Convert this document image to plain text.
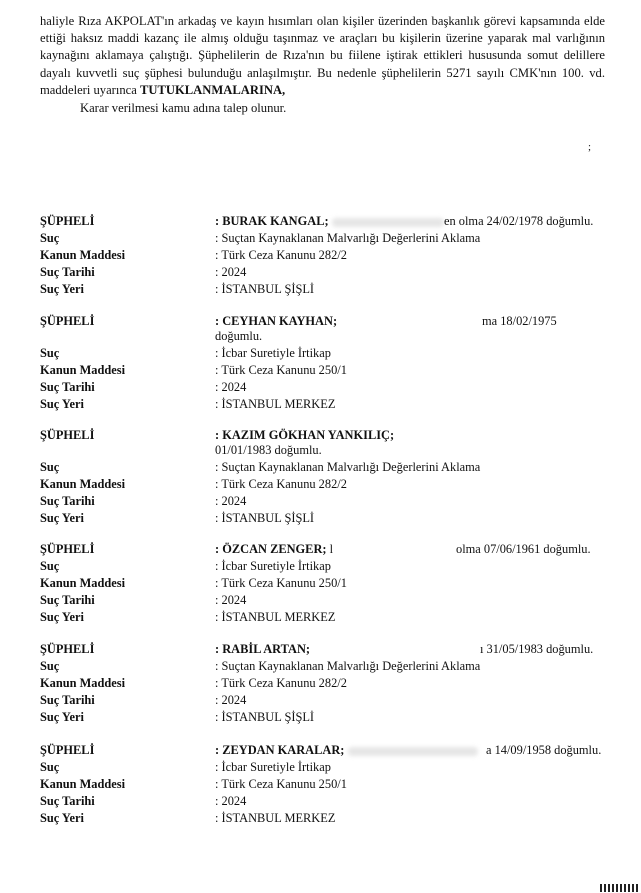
haliyle Rıza AKPOLAT'ın arkadaş ve kayın hısımları olan kişiler üzerinden başkanlık görevi kapsamında elde ettiği haksız maddi kazanç ile almış olduğu taşınmaz ve araçları bu kişilerin üzerine yaparak mal varlığının kaynağını aklamaya çalıştığı. Şüphelilerin de Rıza'nın bu fiilene iştirak ettikleri hususunda somut delillere dayalı kuvvetli suç şüphesi bulunduğu anlaşılmıştır. Bu nedenle şüphelilerin 5271 sayılı CMK'nın 100. vd. maddeleri uyarınca TUTUKLANMALARINA,

Karar verilmesi kamu adına talep olunur.

;
ŞÜPHELİ	: BURAK KANGAL;	en olma 24/02/1978 doğumlu.
Suç	: Suçtan Kaynaklanan Malvarlığı Değerlerini Aklama
Kanun Maddesi	: Türk Ceza Kanunu 282/2
Suç Tarihi	: 2024
Suç Yeri	: İSTANBUL ŞİŞLİ
ŞÜPHELİ	: CEYHAN KAYHAN;	ma 18/02/1975
doğumlu.
Suç	: İcbar Suretiyle İrtikap
Kanun Maddesi	: Türk Ceza Kanunu 250/1
Suç Tarihi	: 2024
Suç Yeri	: İSTANBUL MERKEZ
ŞÜPHELİ	: KAZIM GÖKHAN YANKILIÇ;
01/01/1983 doğumlu.
Suç	: Suçtan Kaynaklanan Malvarlığı Değerlerini Aklama
Kanun Maddesi	: Türk Ceza Kanunu 282/2
Suç Tarihi	: 2024
Suç Yeri	: İSTANBUL ŞİŞLİ
ŞÜPHELİ	: ÖZCAN ZENGER; l	olma 07/06/1961 doğumlu.
Suç	: İcbar Suretiyle İrtikap
Kanun Maddesi	: Türk Ceza Kanunu 250/1
Suç Tarihi	: 2024
Suç Yeri	: İSTANBUL MERKEZ
ŞÜPHELİ	: RABİL ARTAN;	ı 31/05/1983 doğumlu.
Suç	: Suçtan Kaynaklanan Malvarlığı Değerlerini Aklama
Kanun Maddesi	: Türk Ceza Kanunu 282/2
Suç Tarihi	: 2024
Suç Yeri	: İSTANBUL ŞİŞLİ
ŞÜPHELİ	: ZEYDAN KARALAR;	a 14/09/1958 doğumlu.
Suç	: İcbar Suretiyle İrtikap
Kanun Maddesi	: Türk Ceza Kanunu 250/1
Suç Tarihi	: 2024
Suç Yeri	: İSTANBUL MERKEZ
